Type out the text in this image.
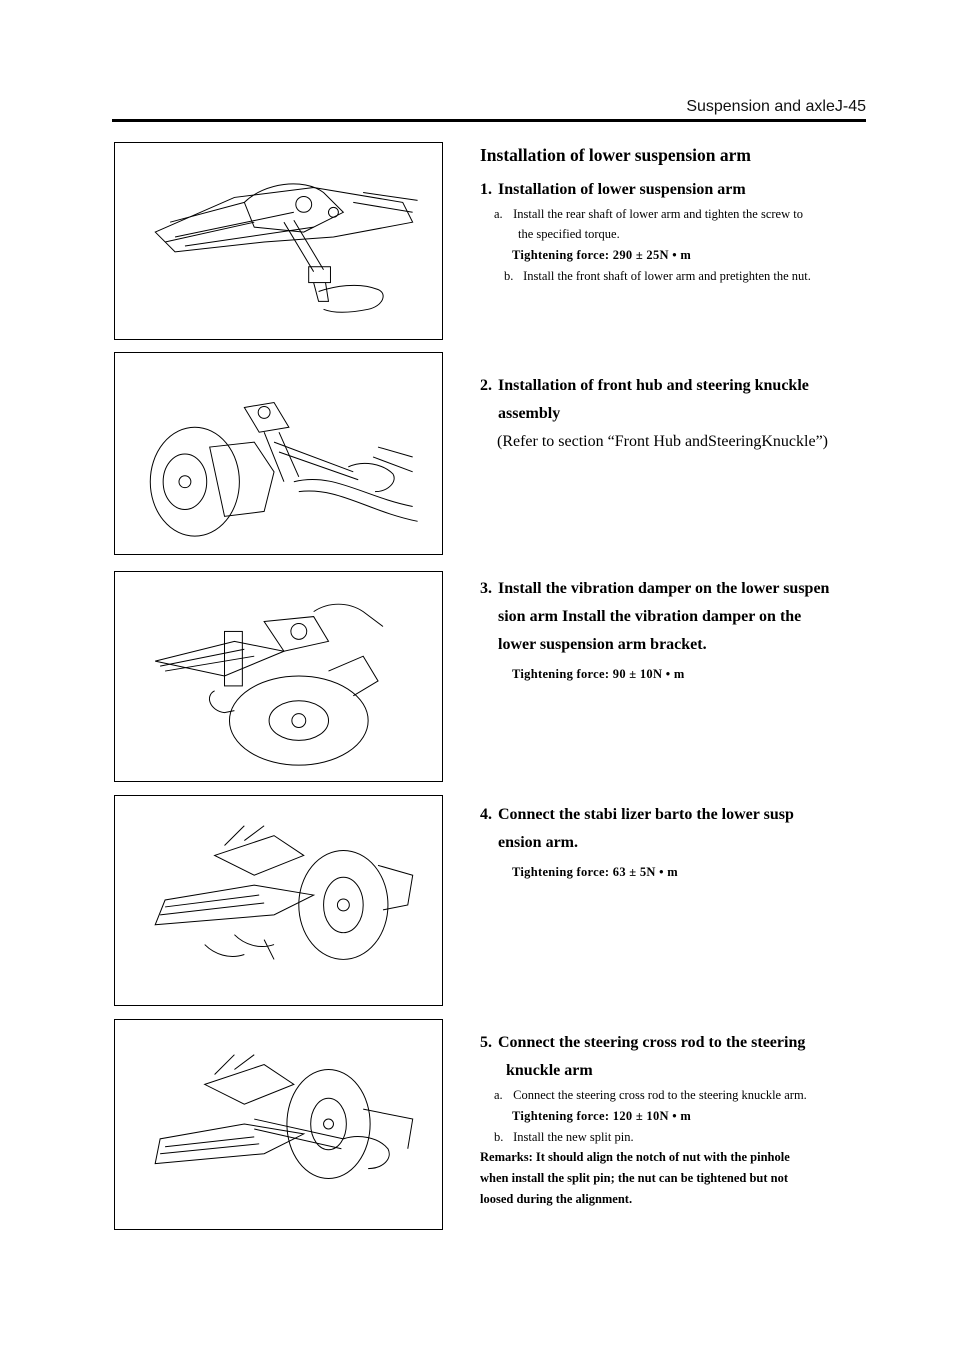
Suspension and axleJ-45
Installation of lower suspension arm
1. Installation of lower suspension arm
a. Install the rear shaft of lower arm and tighten the screw to
the specified torque.
Tightening force: 290 ± 25N • m
b. Install the front shaft of lower arm and pretighten the nut.
2. Installation of front hub and steering knuckle
assembly
(Refer to section “Front Hub andSteeringKnuckle”)
3. Install the vibration damper on the lower suspen
sion arm Install the vibration damper on the
lower suspension arm bracket.
Tightening force: 90 ± 10N • m
4. Connect the stabi lizer barto the lower susp
ension arm.
Tightening force: 63 ± 5N • m
5. Connect the steering cross rod to the steering
knuckle arm
a. Connect the steering cross rod to the steering knuckle arm.
Tightening force: 120 ± 10N • m
b. Install the new split pin.
Remarks: It should align the notch of nut with the pinhole
when install the split pin; the nut can be tightened but not
loosed during the alignment.
